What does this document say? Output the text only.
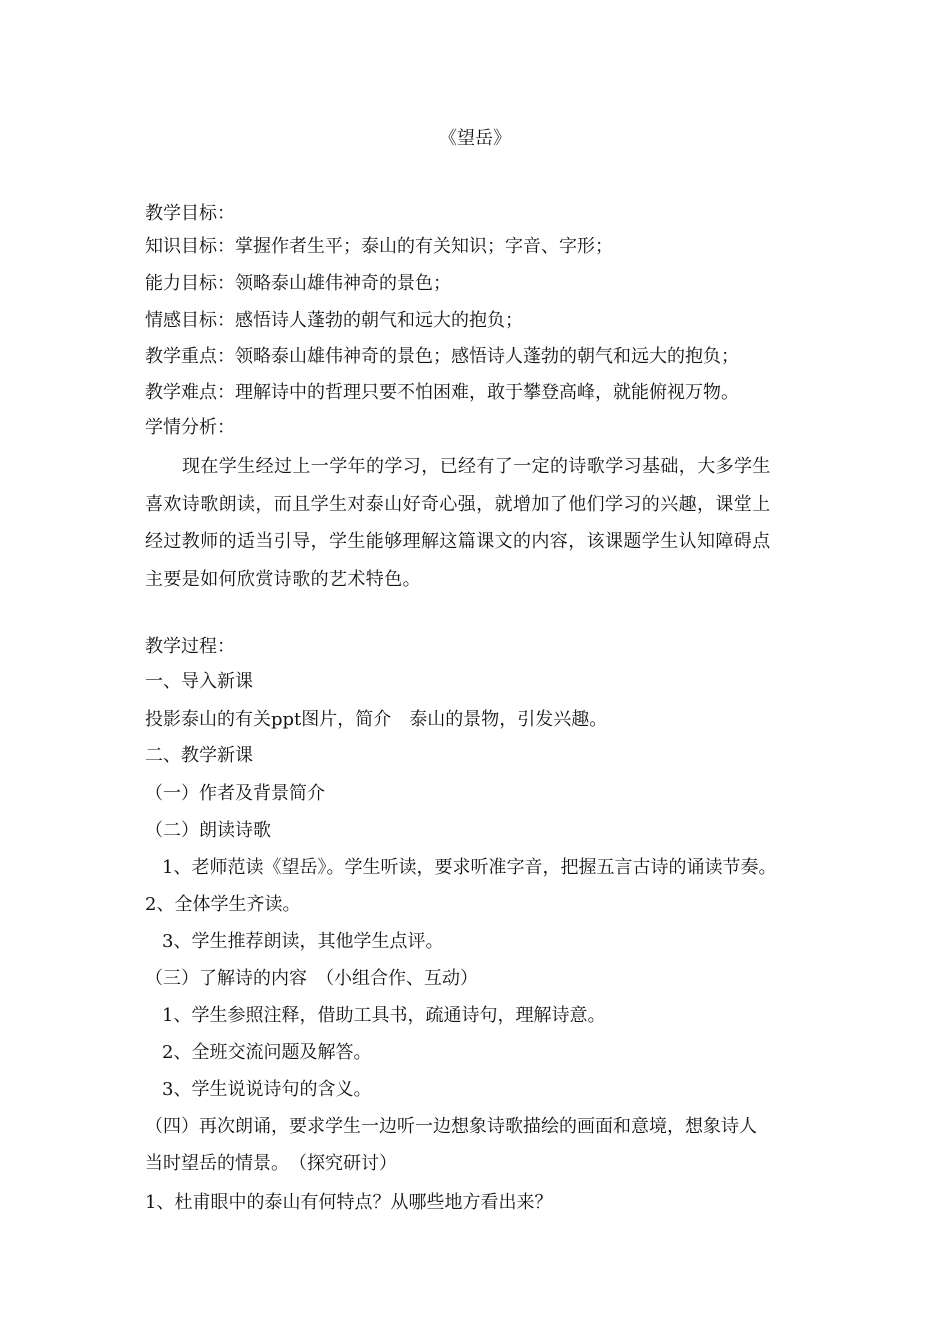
《望岳》
教学目标：
知识目标：掌握作者生平；泰山的有关知识；字音、字形；
能力目标：领略泰山雄伟神奇的景色；
情感目标：感悟诗人蓬勃的朝气和远大的抱负；
教学重点：领略泰山雄伟神奇的景色；感悟诗人蓬勃的朝气和远大的抱负；
教学难点：理解诗中的哲理只要不怕困难，敢于攀登高峰，就能俯视万物。
学情分析：
现在学生经过上一学年的学习，已经有了一定的诗歌学习基础，大多学生
喜欢诗歌朗读，而且学生对泰山好奇心强，就增加了他们学习的兴趣，课堂上
经过教师的适当引导，学生能够理解这篇课文的内容，该课题学生认知障碍点
主要是如何欣赏诗歌的艺术特色。
教学过程：
一、导入新课
投影泰山的有关ppt图片，简介　泰山的景物，引发兴趣。
二、教学新课
（一）作者及背景简介
（二）朗读诗歌
1、老师范读《望岳》。学生听读，要求听准字音，把握五言古诗的诵读节奏。
2、全体学生齐读。
3、学生推荐朗读，其他学生点评。
（三）了解诗的内容　（小组合作、互动）
1、学生参照注释，借助工具书，疏通诗句，理解诗意。
2、全班交流问题及解答。
3、学生说说诗句的含义。
（四）再次朗诵，要求学生一边听一边想象诗歌描绘的画面和意境，想象诗人
当时望岳的情景。　（探究研讨）
1、杜甫眼中的泰山有何特点？从哪些地方看出来？
